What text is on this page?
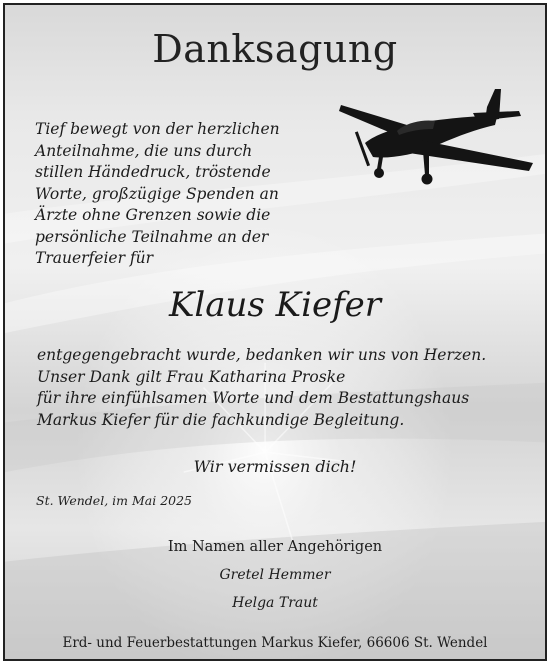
Danksagung
Tief bewegt von der herzlichen
Anteilnahme, die uns durch
stillen Händedruck, tröstende
Worte, großzügige Spenden an
Ärzte ohne Grenzen sowie die
persönliche Teilnahme an der
Trauerfeier für
Klaus Kiefer
entgegengebracht wurde, bedanken wir uns von Herzen.
Unser Dank gilt Frau Katharina Proske
für ihre einfühlsamen Worte und dem Bestattungshaus
Markus Kiefer für die fachkundige Begleitung.
Wir vermissen dich!
St. Wendel, im Mai 2025
Im Namen aller Angehörigen
Gretel Hemmer
Helga Traut
Erd- und Feuerbestattungen Markus Kiefer, 66606 St. Wendel
